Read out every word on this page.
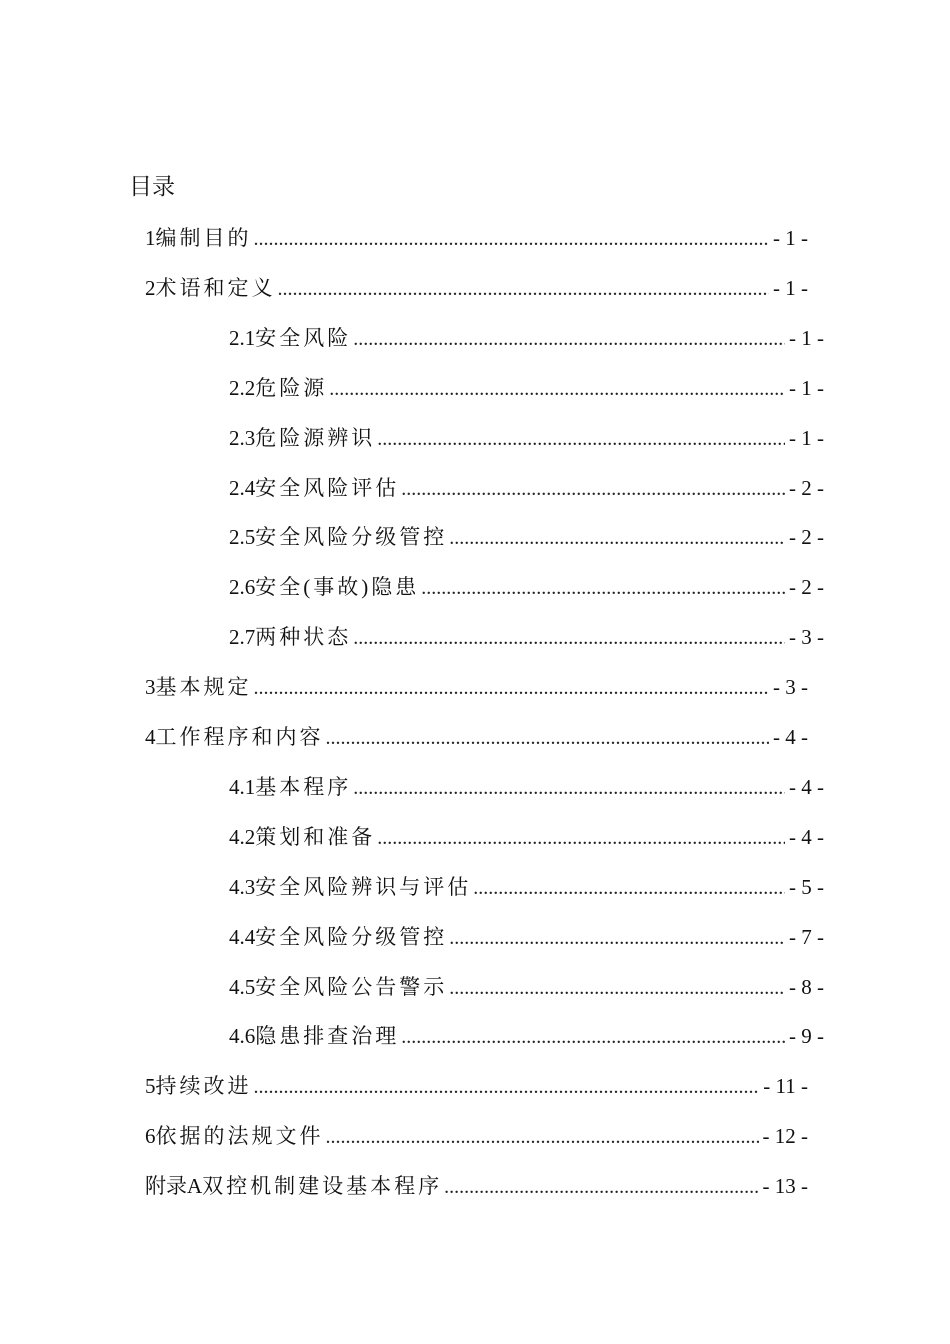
目录
1 编制目的 .....	- 1 -
2 术语和定义 .....	- 1 -
2.1 安全风险 .....	- 1 -
2.2 危险源 .....	- 1 -
2.3 危险源辨识 .....	- 1 -
2.4 安全风险评估 .....	- 2 -
2.5 安全风险分级管控 .....	- 2 -
2.6 安全(事故)隐患 .....	- 2 -
2.7 两种状态 .....	- 3 -
3 基本规定 .....	- 3 -
4 工作程序和内容 .....	- 4 -
4.1 基本程序 .....	- 4 -
4.2 策划和准备 .....	- 4 -
4.3 安全风险辨识与评估 .....	- 5 -
4.4 安全风险分级管控 .....	- 7 -
4.5 安全风险公告警示 .....	- 8 -
4.6 隐患排查治理 .....	- 9 -
5 持续改进 .....	- 11 -
6 依据的法规文件 .....	- 12 -
附录A 双控机制建设基本程序 .....	- 13 -
